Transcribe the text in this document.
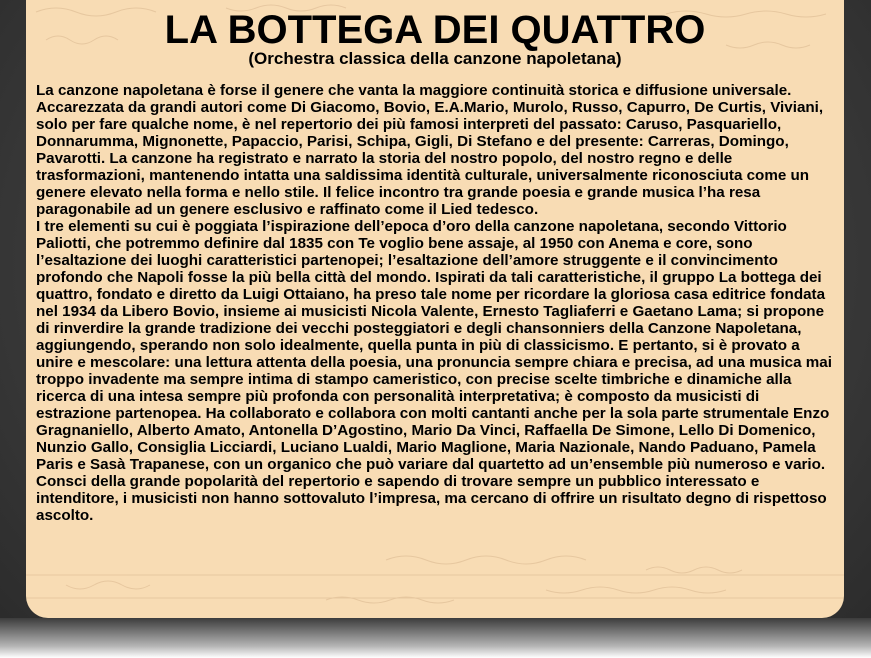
LA BOTTEGA DEI QUATTRO
(Orchestra classica della canzone napoletana)

La canzone napoletana è forse il genere che vanta la maggiore continuità storica e diffusione universale. Accarezzata da grandi autori come Di Giacomo, Bovio, E.A.Mario, Murolo, Russo, Capurro, De Curtis, Viviani, solo per fare qualche nome, è nel repertorio dei più famosi interpreti del passato: Caruso, Pasquariello, Donnarumma, Mignonette, Papaccio, Parisi, Schipa, Gigli, Di Stefano e del presente: Carreras, Domingo, Pavarotti. La canzone ha registrato e narrato la storia del nostro popolo, del nostro regno e delle trasformazioni, mantenendo intatta una saldissima identità culturale, universalmente riconosciuta come un genere elevato nella forma e nello stile. Il felice incontro tra grande poesia e grande musica l’ha resa paragonabile ad un genere esclusivo e raffinato come il Lied tedesco.

I tre elementi su cui è poggiata l’ispirazione dell’epoca d’oro della canzone napoletana, secondo Vittorio Paliotti, che potremmo definire dal 1835 con Te voglio bene assaje, al 1950 con Anema e core, sono l’esaltazione dei luoghi caratteristici partenopei; l’esaltazione dell’amore struggente e il convincimento profondo che Napoli fosse la più bella città del mondo. Ispirati da tali caratteristiche, il gruppo La bottega dei quattro, fondato e diretto da Luigi Ottaiano, ha preso tale nome per ricordare la gloriosa casa editrice fondata nel 1934 da Libero Bovio, insieme ai musicisti Nicola Valente, Ernesto Tagliaferri e Gaetano Lama; si propone di rinverdire la grande tradizione dei vecchi posteggiatori e degli chansonniers della Canzone Napoletana, aggiungendo, sperando non solo idealmente, quella punta in più di classicismo. E pertanto, si è provato a unire e mescolare: una lettura attenta della poesia, una pronuncia sempre chiara e precisa, ad una musica mai troppo invadente ma sempre intima di stampo cameristico, con precise scelte timbriche e dinamiche alla ricerca di una intesa sempre più profonda con personalità interpretativa; è composto da musicisti di estrazione partenopea. Ha collaborato e collabora con molti cantanti anche per la sola parte strumentale Enzo Gragnaniello, Alberto Amato, Antonella D’Agostino, Mario Da Vinci, Raffaella De Simone, Lello Di Domenico, Nunzio Gallo, Consiglia Licciardi, Luciano Lualdi, Mario Maglione, Maria Nazionale, Nando Paduano, Pamela Paris e Sasà Trapanese, con un organico che può variare dal quartetto ad un’ensemble più numeroso e vario. Consci della grande popolarità del repertorio e sapendo di trovare sempre un pubblico interessato e intenditore, i musicisti non hanno sottovaluto l’impresa, ma cercano di offrire un risultato degno di rispettoso ascolto.
